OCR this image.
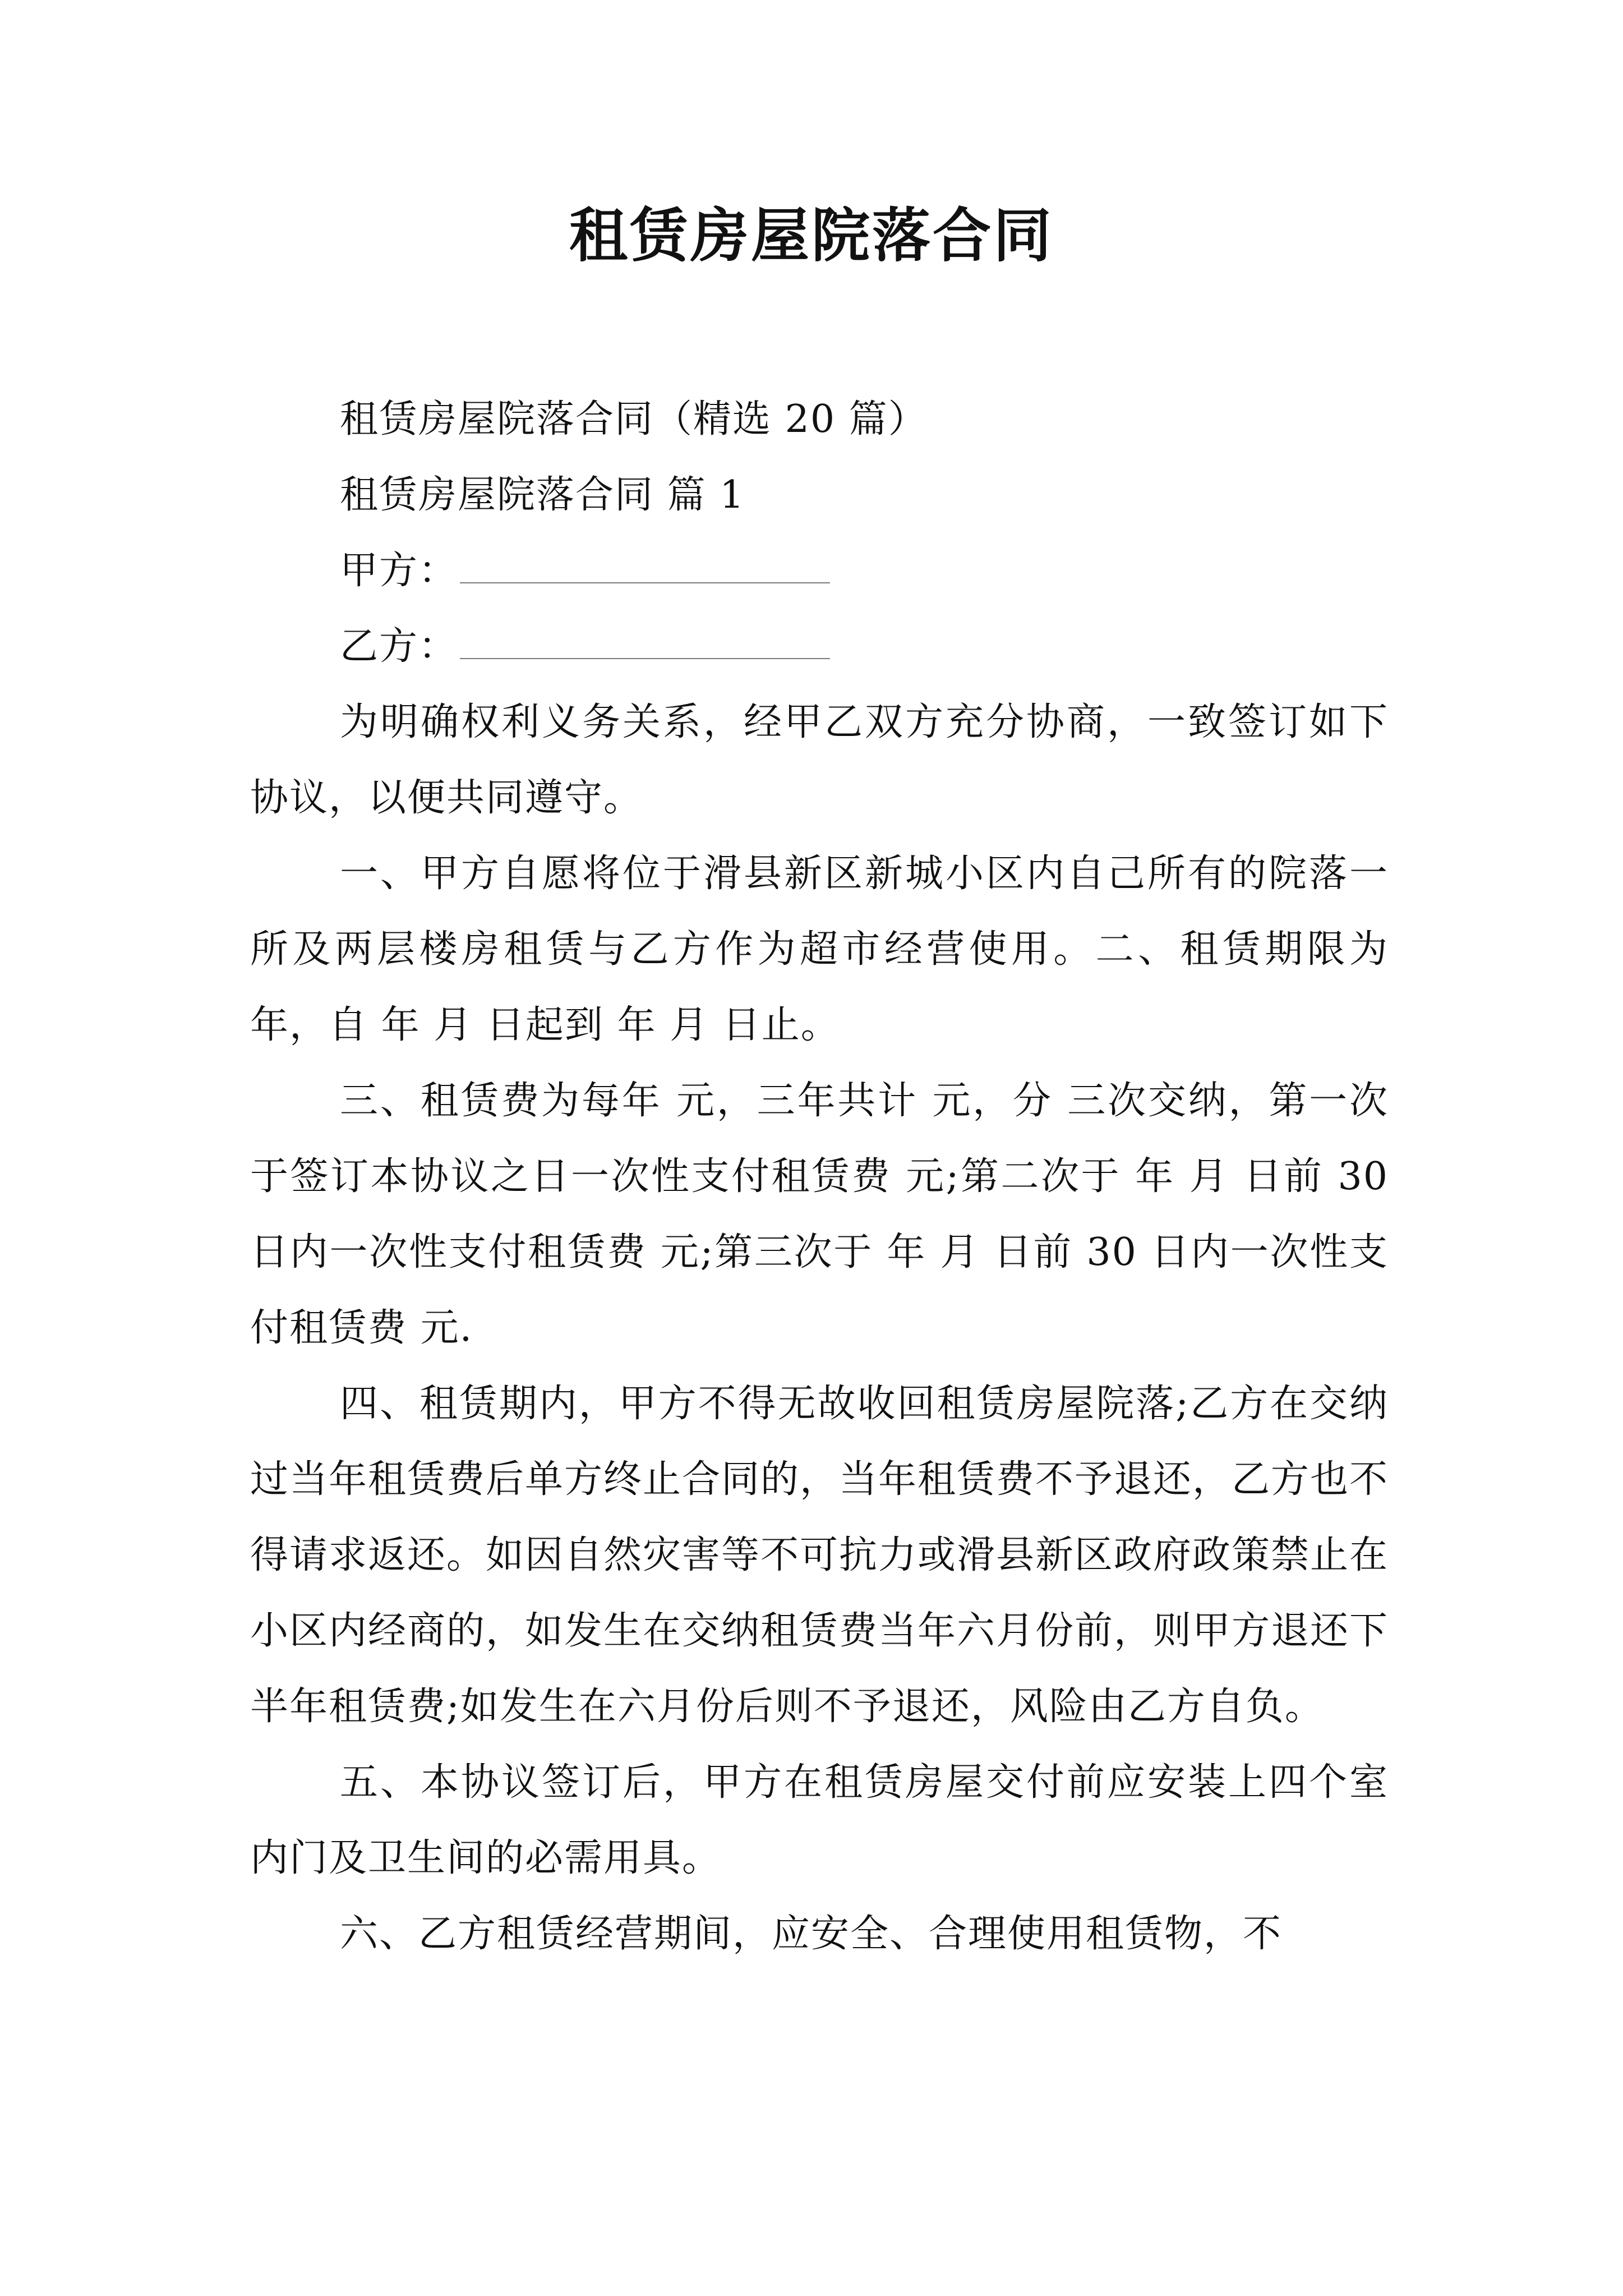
租赁房屋院落合同

租赁房屋院落合同（精选 20 篇）

租赁房屋院落合同 篇 1

甲方：

乙方：

为明确权利义务关系，经甲乙双方充分协商，一致签订如下协议，以便共同遵守。

一、甲方自愿将位于滑县新区新城小区内自己所有的院落一所及两层楼房租赁与乙方作为超市经营使用。二、租赁期限为 年，自 年 月 日起到 年 月 日止。

三、租赁费为每年 元，三年共计 元，分 三次交纳，第一次于签订本协议之日一次性支付租赁费 元;第二次于 年 月 日前 30 日内一次性支付租赁费 元;第三次于 年 月 日前 30 日内一次性支付租赁费 元.

四、租赁期内，甲方不得无故收回租赁房屋院落;乙方在交纳过当年租赁费后单方终止合同的，当年租赁费不予退还，乙方也不得请求返还。如因自然灾害等不可抗力或滑县新区政府政策禁止在小区内经商的，如发生在交纳租赁费当年六月份前，则甲方退还下半年租赁费;如发生在六月份后则不予退还，风险由乙方自负。

五、本协议签订后，甲方在租赁房屋交付前应安装上四个室内门及卫生间的必需用具。

六、乙方租赁经营期间，应安全、合理使用租赁物，不
